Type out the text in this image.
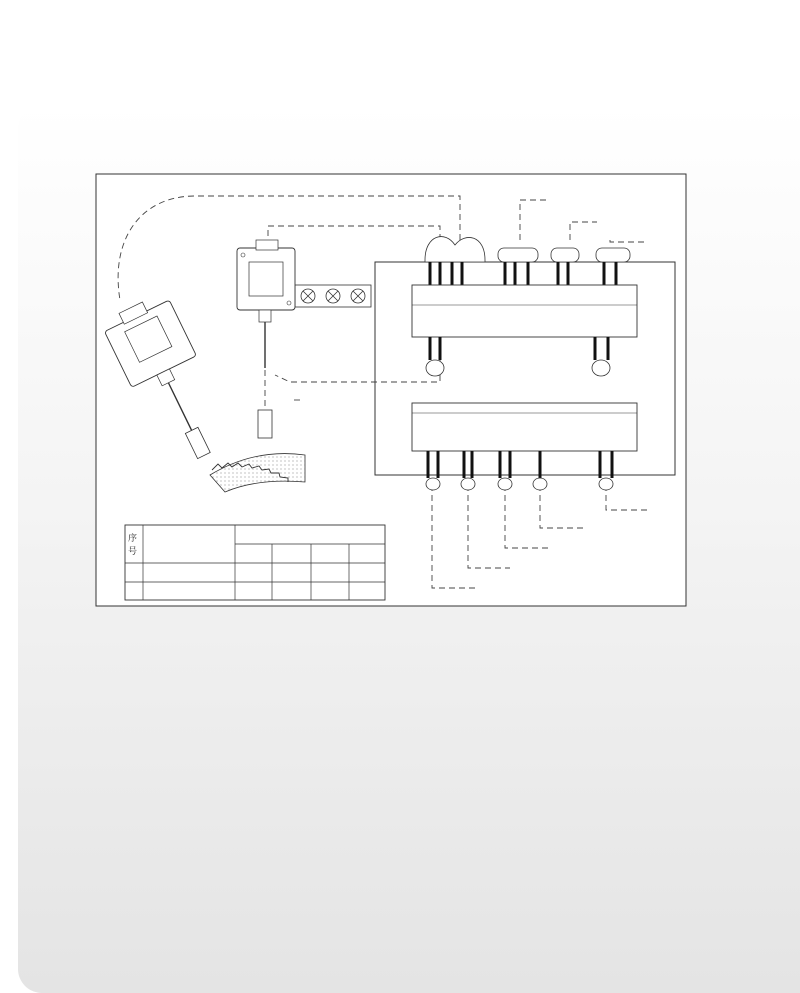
序
号
